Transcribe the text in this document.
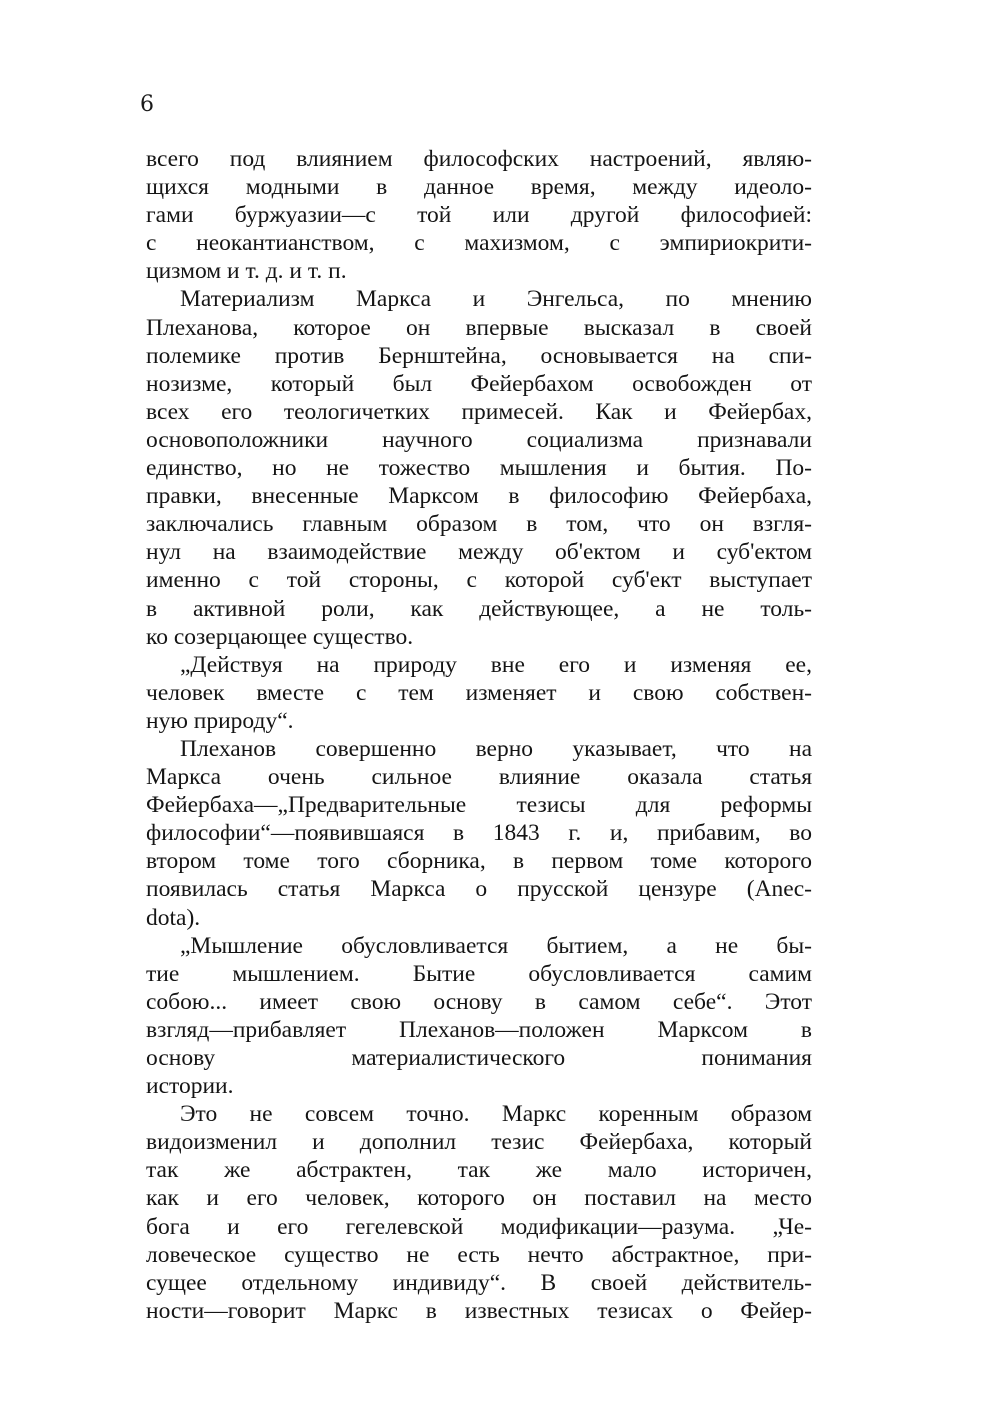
6
всего под влиянием философских настроений, являю-
щихся модными в данное время, между идеоло-
гами буржуазии—с той или другой философией:
с неокантианством, с махизмом, с эмпириокрити-
цизмом и т. д. и т. п.
Материализм Маркса и Энгельса, по мнению
Плеханова, которое он впервые высказал в своей
полемике против Бернштейна, основывается на спи-
нозизме, который был Фейербахом освобожден от
всех его теологичетких примесей. Как и Фейербах,
основоположники научного социализма признавали
единство, но не тожество мышления и бытия. По-
правки, внесенные Марксом в философию Фейербаха,
заключались главным образом в том, что он взгля-
нул на взаимодействие между об'ектом и суб'ектом
именно с той стороны, с которой суб'ект выступает
в активной роли, как действующее, а не толь-
ко созерцающее существо.
„Действуя на природу вне его и изменяя ее,
человек вместе с тем изменяет и свою собствен-
ную природу“.
Плеханов совершенно верно указывает, что на
Маркса очень сильное влияние оказала статья
Фейербаха—„Предварительные тезисы для реформы
философии“—появившаяся в 1843 г. и, прибавим, во
втором томе того сборника, в первом томе которого
появилась статья Маркса о прусской цензуре (Anec-
dota).
„Мышление обусловливается бытием, а не бы-
тие мышлением. Бытие обусловливается самим
собою... имеет свою основу в самом себе“. Этот
взгляд—прибавляет Плеханов—положен Марксом в
основу материалистического понимания
истории.
Это не совсем точно. Маркс коренным образом
видоизменил и дополнил тезис Фейербаха, который
так же абстрактен, так же мало историчен,
как и его человек, которого он поставил на место
бога и его гегелевской модификации—разума. „Че-
ловеческое существо не есть нечто абстрактное, при-
сущее отдельному индивиду“. В своей действитель-
ности—говорит Маркс в известных тезисах о Фейер-
